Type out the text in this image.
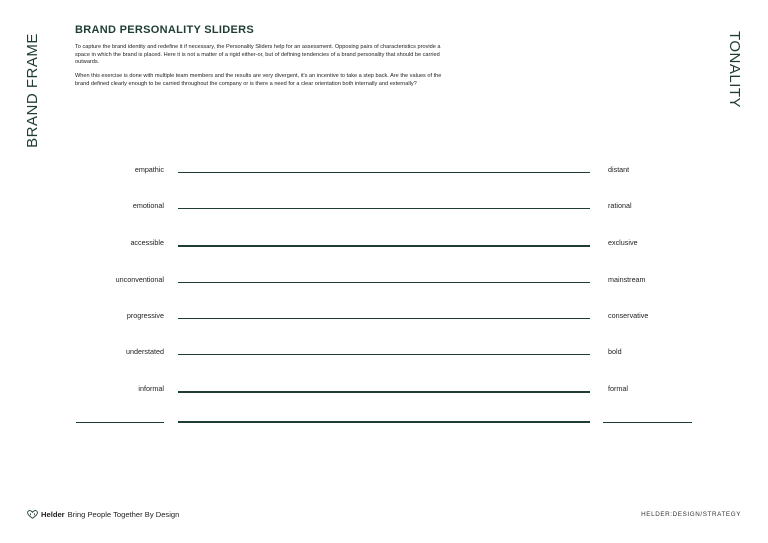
BRAND FRAME	TONALITY
BRAND PERSONALITY SLIDERS
To capture the brand identity and redefine it if necessary, the Personality Sliders help for an assessment. Opposing pairs of characteristics provide a space in which the brand is placed. Here it is not a matter of a rigid either-or, but of defining tendencies of a brand personality that should be carried outwards.
When this exercise is done with multiple team members and the results are very divergent, it's an incentive to take a step back. Are the values of the brand defined clearly enough to be carried throughout the company or is there a need for a clear orientation both internally and externally?
empathic	distant
emotional	rational
accessible	exclusive
unconventional	mainstream
progressive	conservative
understated	bold
informal	formal
Helder Bring People Together By Design	HELDER:DESIGN/STRATEGY
